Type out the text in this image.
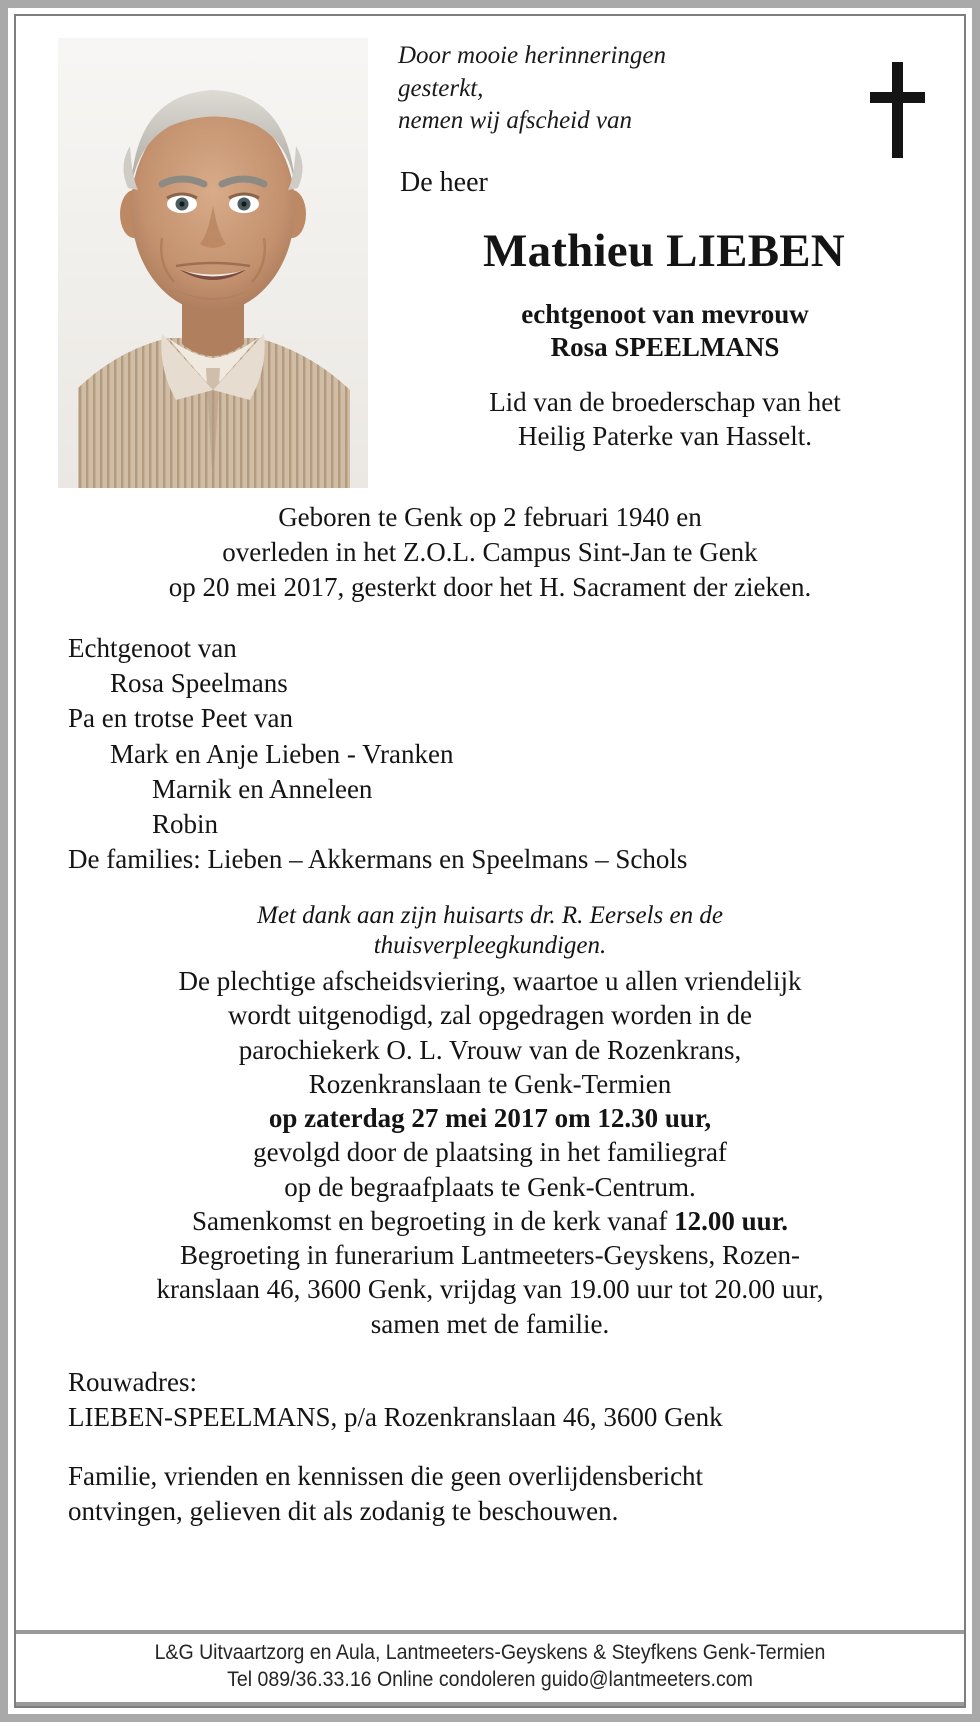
Door mooie herinneringen
gesterkt,
nemen wij afscheid van
De heer
Mathieu LIEBEN
echtgenoot van mevrouw
Rosa SPEELMANS
Lid van de broederschap van het
Heilig Paterke van Hasselt.
Geboren te Genk op 2 februari 1940 en
overleden in het Z.O.L. Campus Sint-Jan te Genk
op 20 mei 2017, gesterkt door het H. Sacrament der zieken.
Echtgenoot van
Rosa Speelmans
Pa en trotse Peet van
Mark en Anje Lieben - Vranken
Marnik en Anneleen
Robin
De families: Lieben – Akkermans en Speelmans – Schols
Met dank aan zijn huisarts dr. R. Eersels en de
thuisverpleegkundigen.
De plechtige afscheidsviering, waartoe u allen vriendelijk
wordt uitgenodigd, zal opgedragen worden in de
parochiekerk O. L. Vrouw van de Rozenkrans,
Rozenkranslaan te Genk-Termien
op zaterdag 27 mei 2017 om 12.30 uur,
gevolgd door de plaatsing in het familiegraf
op de begraafplaats te Genk-Centrum.
Samenkomst en begroeting in de kerk vanaf 12.00 uur.
Begroeting in funerarium Lantmeeters-Geyskens, Rozen-
kranslaan 46, 3600 Genk, vrijdag van 19.00 uur tot 20.00 uur,
samen met de familie.
Rouwadres:
LIEBEN-SPEELMANS, p/a Rozenkranslaan 46, 3600 Genk
Familie, vrienden en kennissen die geen overlijdensbericht
ontvingen, gelieven dit als zodanig te beschouwen.
L&G Uitvaartzorg en Aula, Lantmeeters-Geyskens & Steyfkens Genk-Termien
Tel 089/36.33.16 Online condoleren guido@lantmeeters.com
